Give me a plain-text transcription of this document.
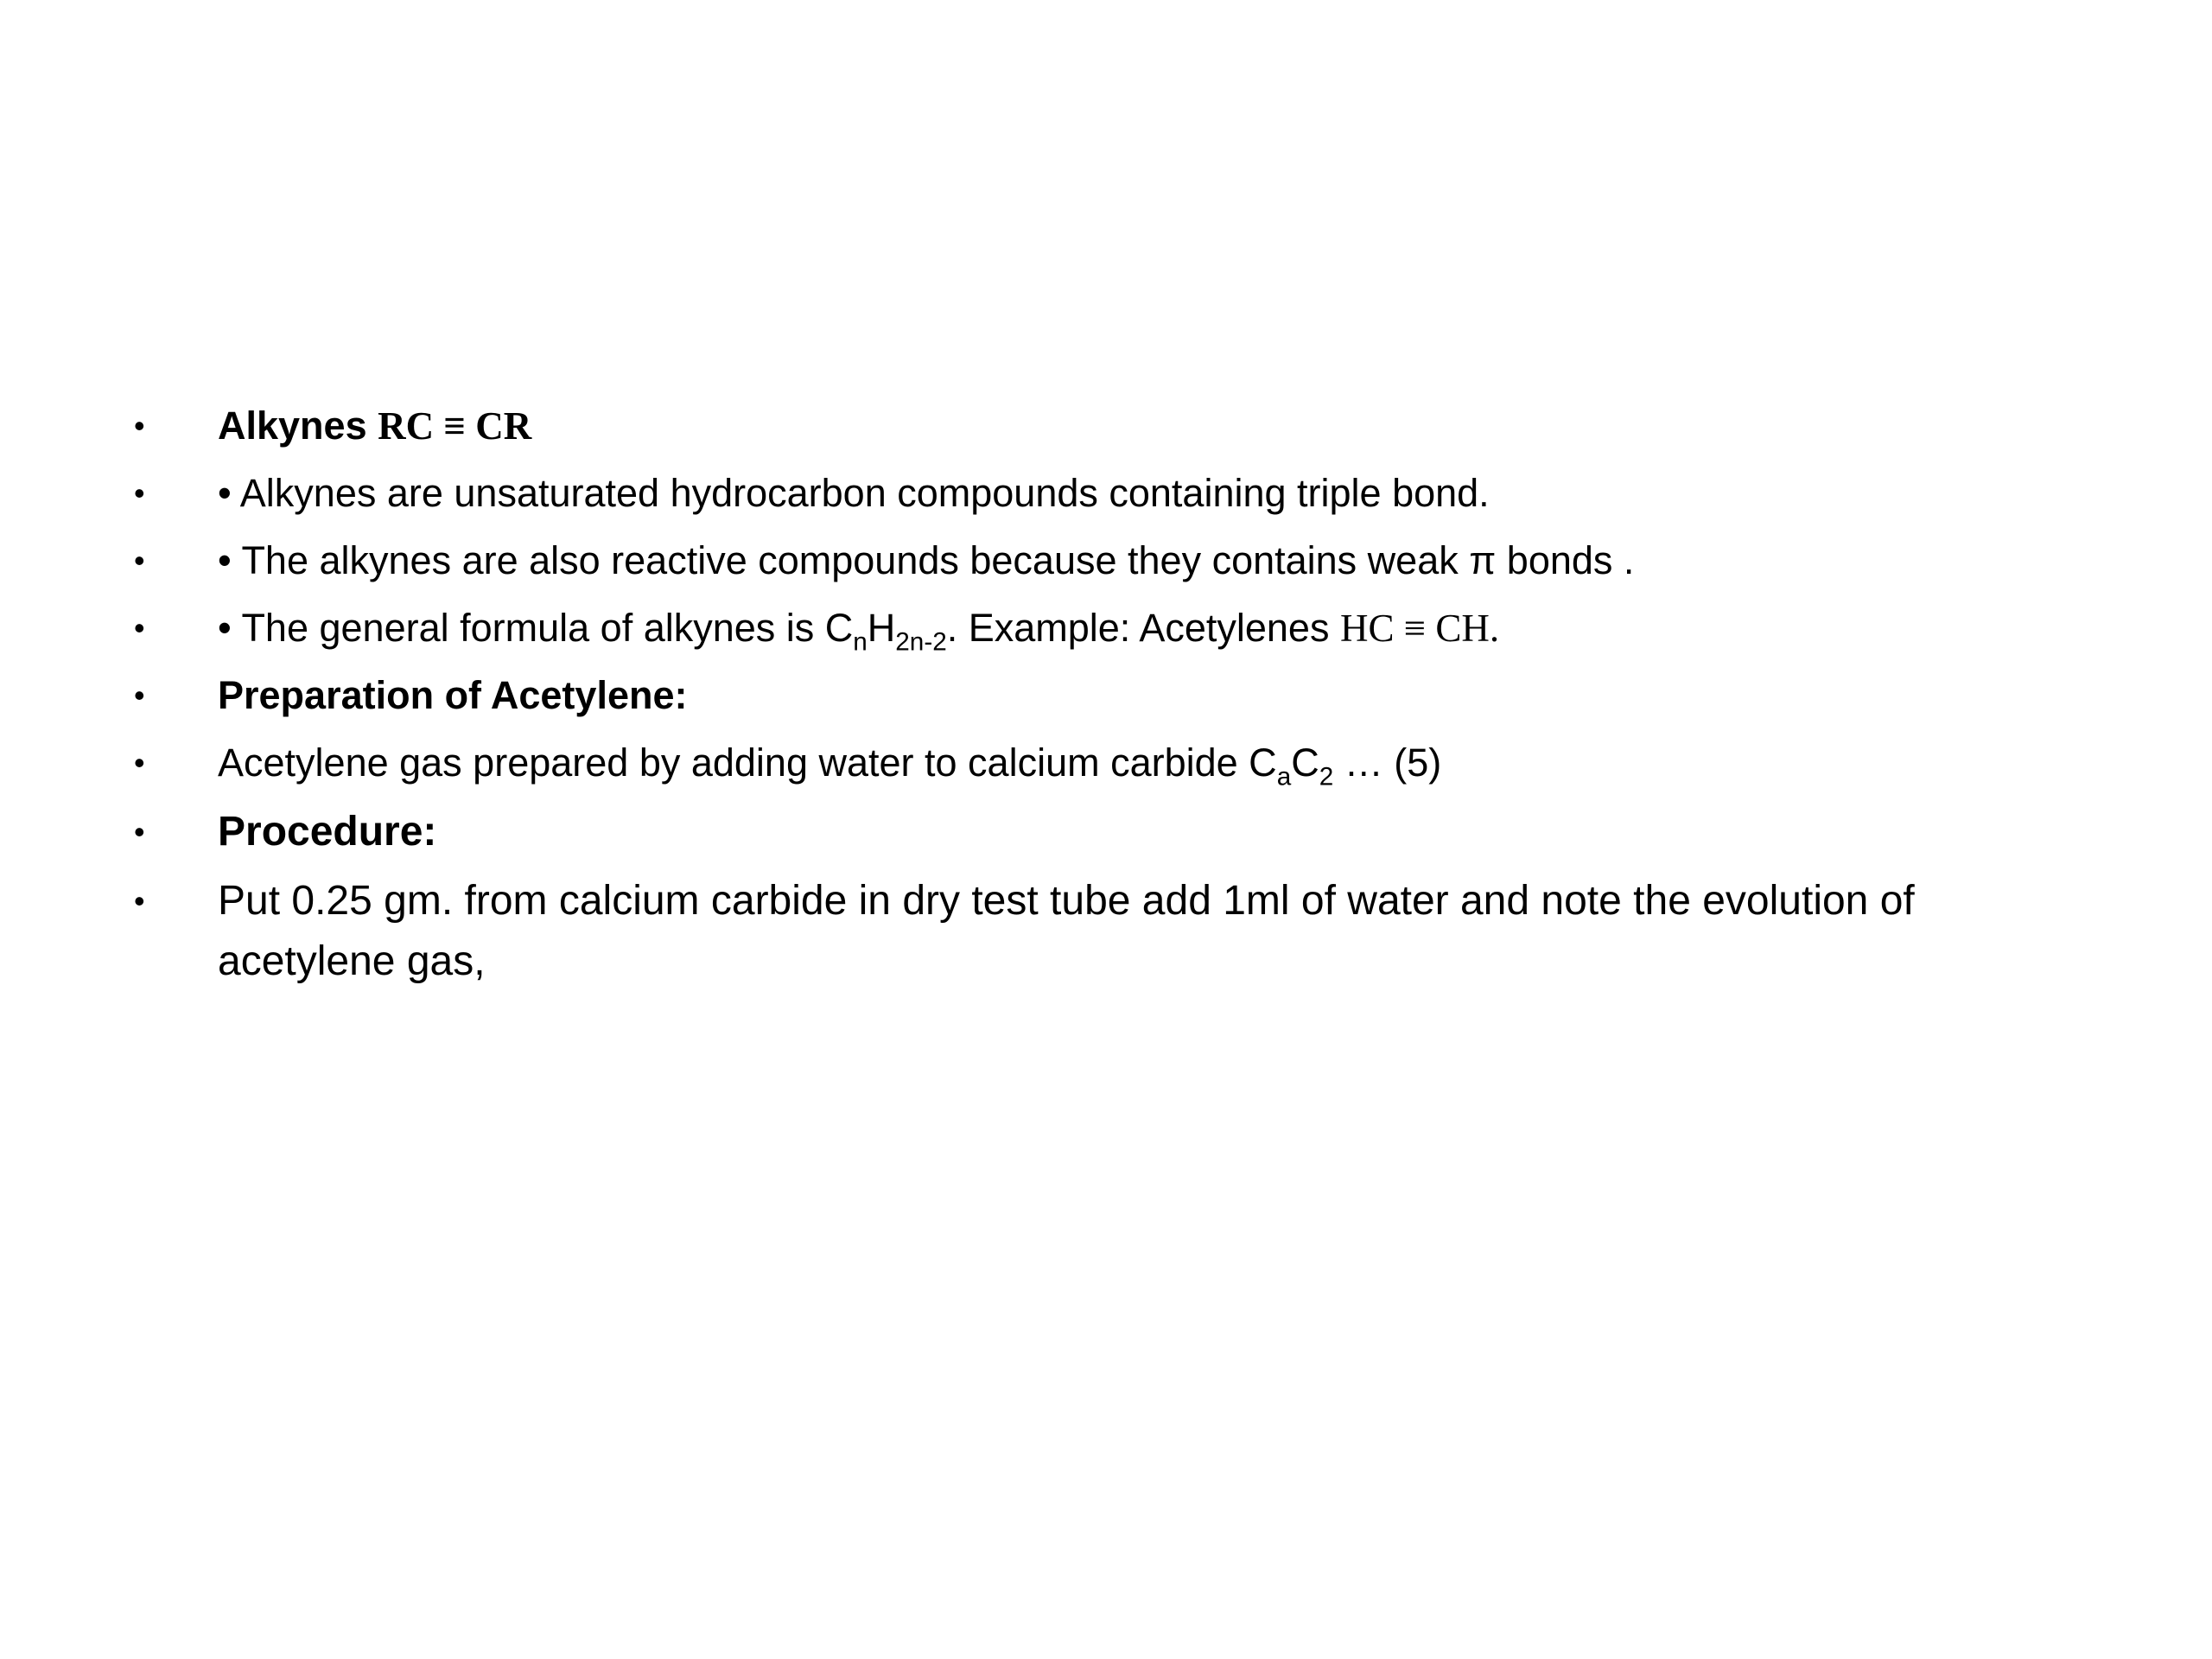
• Alkynes RC ≡ CR
• • Alkynes are unsaturated hydrocarbon compounds containing triple bond.
• • The alkynes are also reactive compounds because they contains weak π bonds .
• • The general formula of alkynes is $C_nH_{2n-2}$. Example: Acetylenes HC ≡ CH.
• Preparation of Acetylene:
• Acetylene gas prepared by adding water to calcium carbide $C_aC_2$ … (5)
• Procedure:
• Put 0.25 gm. from calcium carbide in dry test tube add 1ml of water and note the evolution of acetylene gas,
